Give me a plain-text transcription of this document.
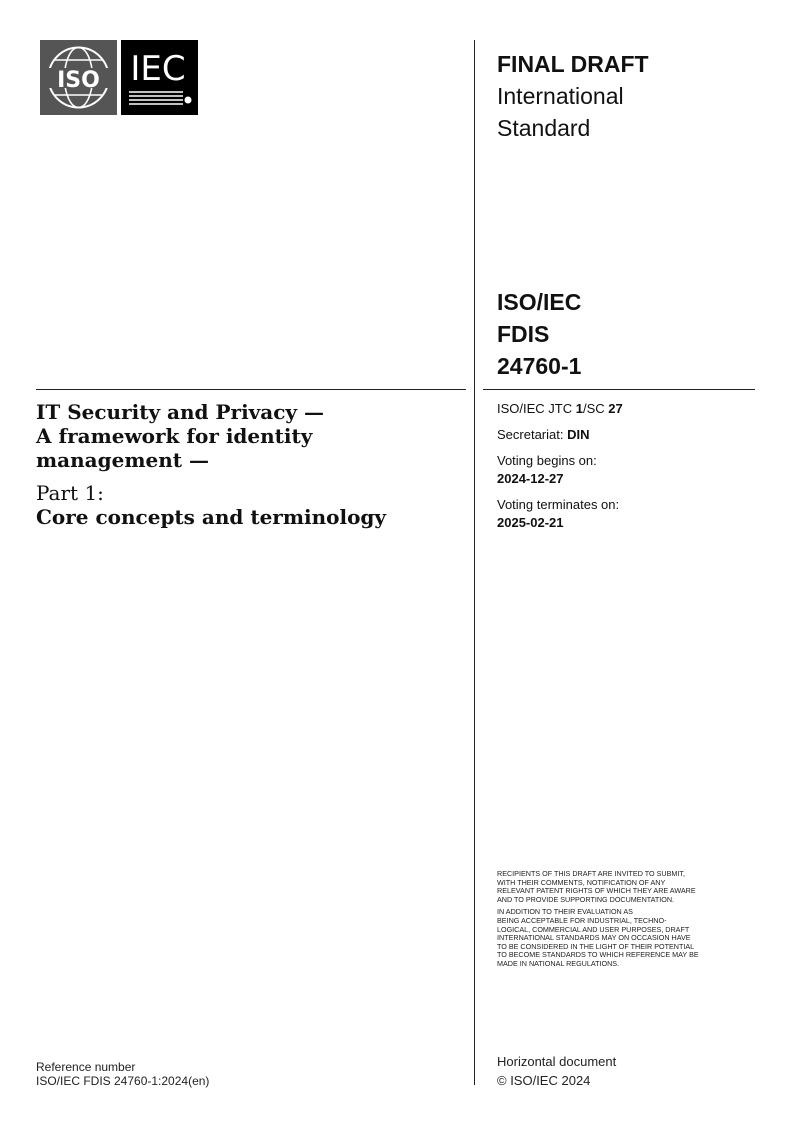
ISO IEC	FINAL DRAFT
International
Standard
ISO/IEC
FDIS
24760-1
ISO/IEC JTC 1/SC 27
Secretariat: DIN
Voting begins on:
2024-12-27
Voting terminates on:
2025-02-21
IT Security and Privacy —
A framework for identity
management —
Part 1:
Core concepts and terminology

RECIPIENTS OF THIS DRAFT ARE INVITED TO SUBMIT,
WITH THEIR COMMENTS, NOTIFICATION OF ANY
RELEVANT PATENT RIGHTS OF WHICH THEY ARE AWARE
AND TO PROVIDE SUPPORTING DOCUMENTATION.

IN ADDITION TO THEIR EVALUATION AS
BEING ACCEPTABLE FOR INDUSTRIAL, TECHNO-
LOGICAL, COMMERCIAL AND USER PURPOSES, DRAFT
INTERNATIONAL STANDARDS MAY ON OCCASION HAVE
TO BE CONSIDERED IN THE LIGHT OF THEIR POTENTIAL
TO BECOME STANDARDS TO WHICH REFERENCE MAY BE
MADE IN NATIONAL REGULATIONS.

Reference number
ISO/IEC FDIS 24760-1:2024(en)
Horizontal document
© ISO/IEC 2024
